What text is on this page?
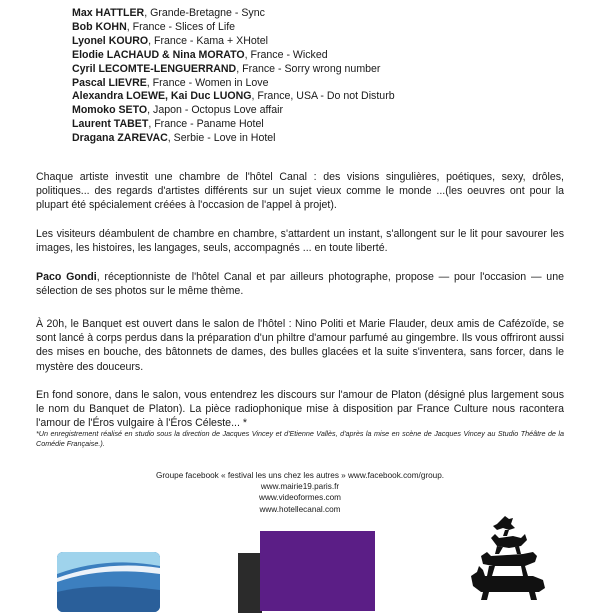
Max HATTLER, Grande-Bretagne - Sync
Bob KOHN, France - Slices of Life
Lyonel KOURO, France - Kama + XHotel
Elodie LACHAUD & Nina MORATO, France - Wicked
Cyril LECOMTE-LENGUERRAND, France - Sorry wrong number
Pascal LIEVRE, France - Women in Love
Alexandra LOEWE, Kai Duc LUONG, France, USA - Do not Disturb
Momoko SETO, Japon - Octopus Love affair
Laurent TABET, France - Paname Hotel
Dragana ZAREVAC, Serbie - Love in Hotel

Chaque artiste investit une chambre de l'hôtel Canal : des visions singulières, poétiques, sexy, drôles, politiques... des regards d'artistes différents sur un sujet vieux comme le monde ...(les oeuvres ont pour la plupart été spécialement créées à l'occasion de l'appel à projet).

Les visiteurs déambulent de chambre en chambre, s'attardent un instant, s'allongent sur le lit pour savourer les images, les histoires, les langages, seuls, accompagnés ... en toute liberté.

Paco Gondi, réceptionniste de l'hôtel Canal et par ailleurs photographe, propose — pour l'occasion — une sélection de ses photos sur le même thème.

À 20h, le Banquet est ouvert dans le salon de l'hôtel : Nino Politi et Marie Flauder, deux amis de Cafézoïde, se sont lancé à corps perdus dans la préparation d'un philtre d'amour parfumé au gingembre. Ils vous offriront aussi des mises en bouche, des bâtonnets de dames, des bulles glacées et la suite s'inventera, sans forcer, dans le mystère des douceurs.

En fond sonore, dans le salon, vous entendrez les discours sur l'amour de Platon (désigné plus largement sous le nom du Banquet de Platon). La pièce radiophonique mise à disposition par France Culture nous racontera l'amour de l'Éros vulgaire à l'Éros Céleste... *

*Un enregistrement réalisé en studio sous la direction de Jacques Vincey et d'Etienne Vallès, d'après la mise en scène de Jacques Vincey au Studio Théâtre de la Comédie Française.).

Groupe facebook « festival les uns chez les autres » www.facebook.com/group.
www.mairie19.paris.fr
www.videoformes.com
www.hotellecanal.com
